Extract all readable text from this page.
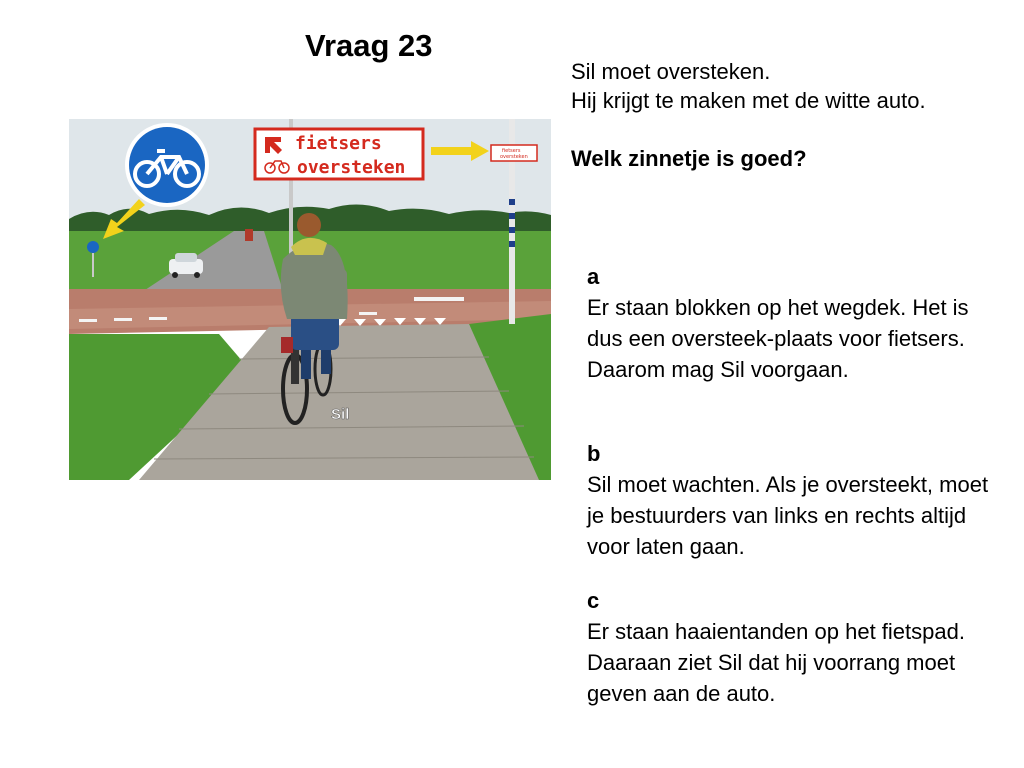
Vraag 23
Sil moet oversteken.
Hij krijgt te maken met de witte auto.
Welk zinnetje is goed?
fietsers
oversteken
fietsers
oversteken
Sil
a
Er staan blokken op het wegdek. Het is dus een oversteek-plaats voor fietsers. Daarom mag Sil voorgaan.
b
Sil moet wachten. Als je oversteekt, moet je bestuurders van links en rechts altijd voor laten gaan.
c
Er staan haaientanden op het fietspad. Daaraan ziet Sil dat hij voorrang moet geven aan de auto.
